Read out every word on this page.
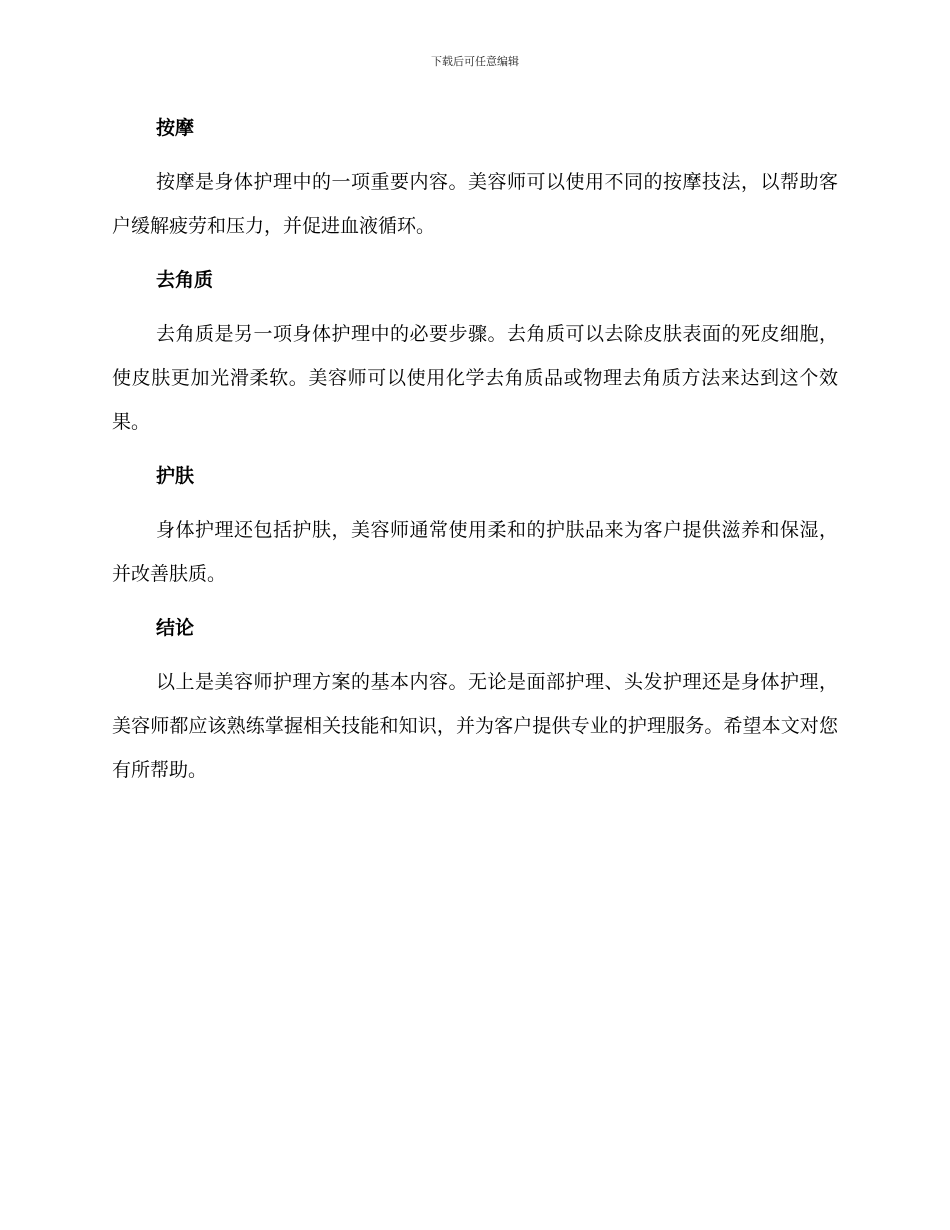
下载后可任意编辑
按摩

按摩是身体护理中的一项重要内容。美容师可以使用不同的按摩技法，以帮助客户缓解疲劳和压力，并促进血液循环。

去角质

去角质是另一项身体护理中的必要步骤。去角质可以去除皮肤表面的死皮细胞，使皮肤更加光滑柔软。美容师可以使用化学去角质品或物理去角质方法来达到这个效果。

护肤

身体护理还包括护肤，美容师通常使用柔和的护肤品来为客户提供滋养和保湿，并改善肤质。

结论

以上是美容师护理方案的基本内容。无论是面部护理、头发护理还是身体护理，美容师都应该熟练掌握相关技能和知识，并为客户提供专业的护理服务。希望本文对您有所帮助。
